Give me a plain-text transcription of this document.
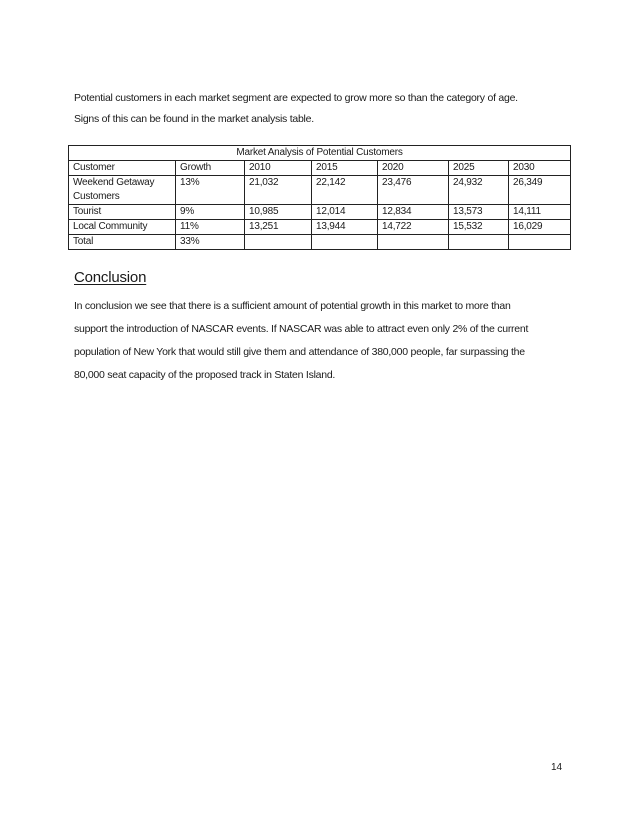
Potential customers in each market segment are expected to grow more so than the category of age.
Signs of this can be found in the market analysis table.
Market Analysis of Potential Customers						
Customer	Growth	2010	2015	2020	2025	2030
Weekend Getaway Customers	13%	21,032	22,142	23,476	24,932	26,349
Tourist	9%	10,985	12,014	12,834	13,573	14,111
Local Community	11%	13,251	13,944	14,722	15,532	16,029
Total	33%					
Conclusion
In conclusion we see that there is a sufficient amount of potential growth in this market to more than
support the introduction of NASCAR events. If NASCAR was able to attract even only 2% of the current
population of New York that would still give them and attendance of 380,000 people, far surpassing the
80,000 seat capacity of the proposed track in Staten Island.
14
